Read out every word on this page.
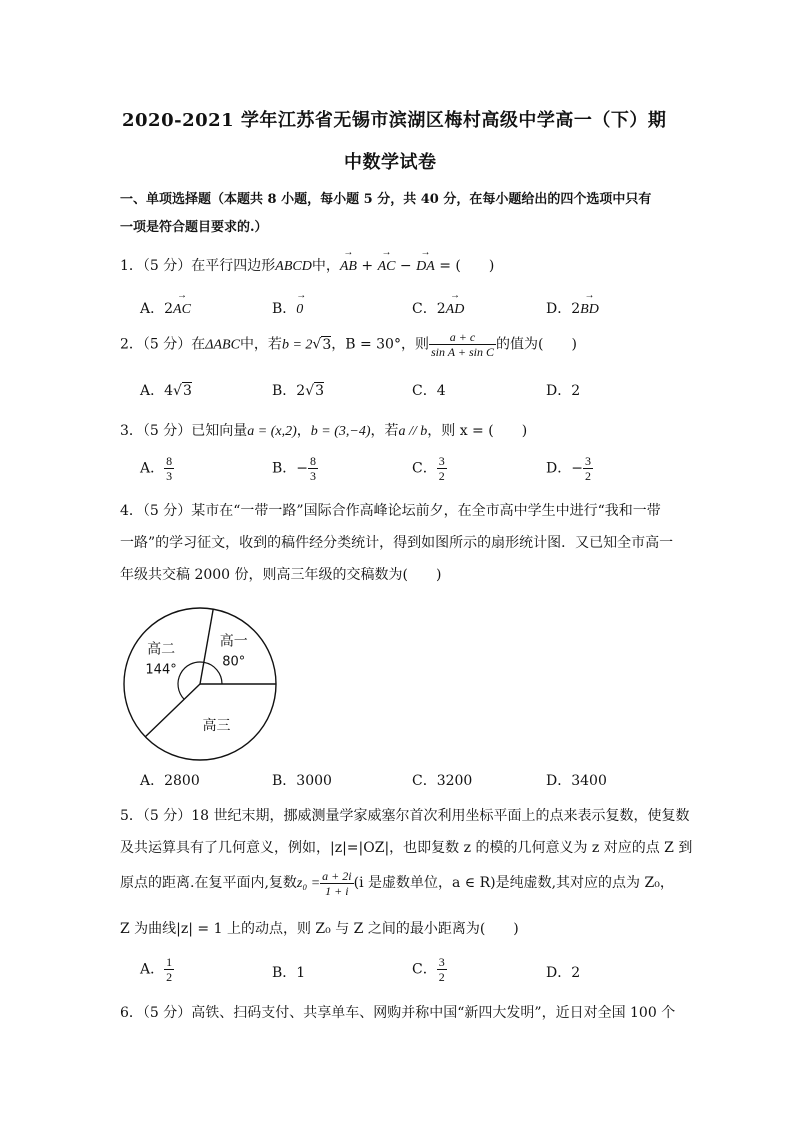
2020-2021 学年江苏省无锡市滨湖区梅村高级中学高一（下）期
中数学试卷
一、单项选择题（本题共 8 小题，每小题 5 分，共 40 分，在每小题给出的四个选项中只有
一项是符合题目要求的.）
1．（5 分）在平行四边形ABCD中，→ AB + → AC − → DA = (　　)
A．2→ AC	B．→ 0	C．2→ AD	D．2→ BD
2．（5 分）在ΔABC中，若b = 2√3，B = 30°，则 $\frac{a + c}{\text{sin A + sin C}}$ 的值为(　　)
A．4√3	B．2√3	C．4	D．2
3．（5 分）已知向量a = (x,2)，b = (3,−4)，若a // b，则 x = (　　)
A． $\frac{8}{3}$	B．− $\frac{8}{3}$	C． $\frac{3}{2}$	D．− $\frac{3}{2}$
4．（5 分）某市在“一带一路”国际合作高峰论坛前夕，在全市高中学生中进行“我和一带
一路”的学习征文，收到的稿件经分类统计，得到如图所示的扇形统计图．又已知全市高一
年级共交稿 2000 份，则高三年级的交稿数为(　　)
高一
80°
高二
144°
高三
A．2800	B．3000	C．3200	D．3400
5．（5 分）18 世纪末期，挪威测量学家威塞尔首次利用坐标平面上的点来表示复数，使复数
及共运算具有了几何意义，例如，|z|=|OZ|，也即复数 z 的模的几何意义为 z 对应的点 Z 到
原点的距离.在复平面内,复数$z_0 = \frac{a + 2i}{1 + i} (i$ 是虚数单位，a ∈ R)是纯虚数,其对应的点为 Z₀，
Z 为曲线|z| = 1 上的动点，则 Z₀ 与 Z 之间的最小距离为(　　)
A． $\frac{1}{2}$	B．1	C． $\frac{3}{2}$	D．2
6．（5 分）高铁、扫码支付、共享单车、网购并称中国“新四大发明”，近日对全国 100 个
